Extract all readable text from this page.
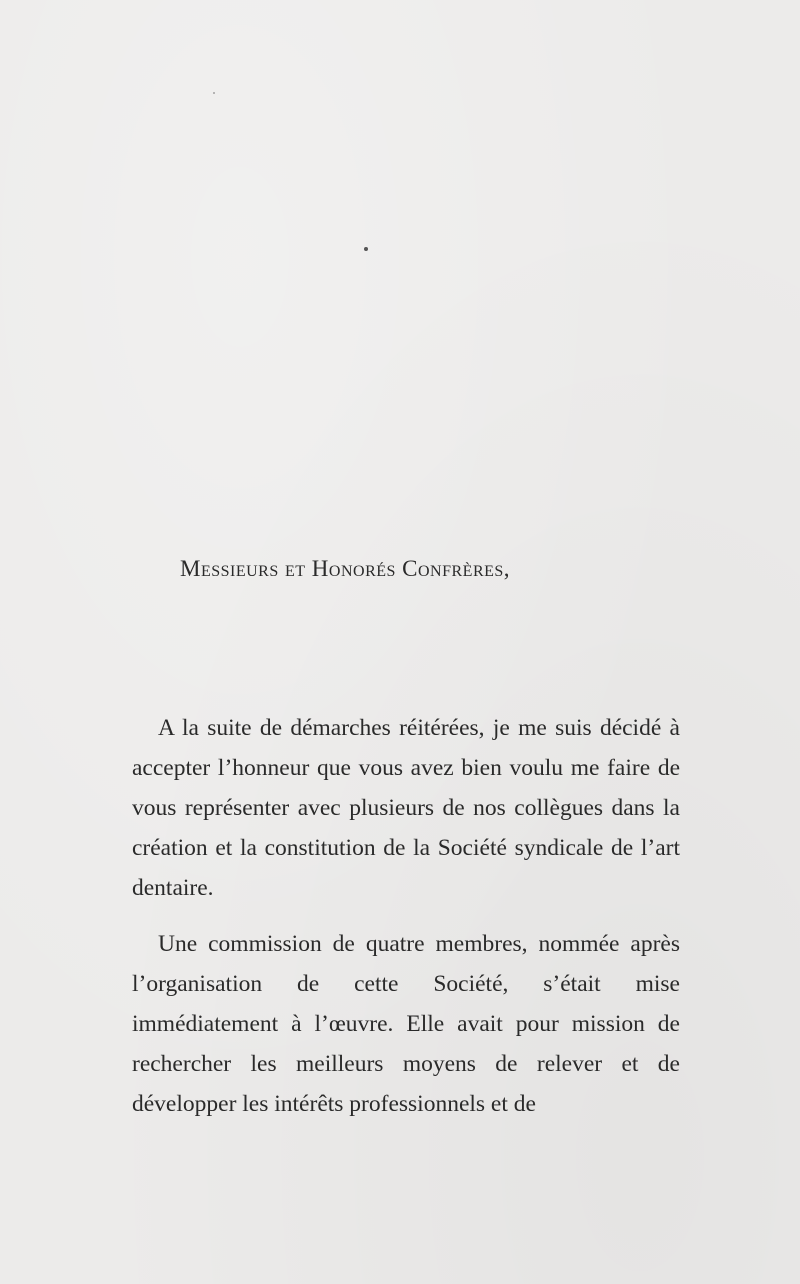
Messieurs et Honorés Confrères,

A la suite de démarches réitérées, je me suis décidé à accepter l’honneur que vous avez bien voulu me faire de vous représenter avec plusieurs de nos collègues dans la création et la constitution de la Société syndicale de l’art dentaire.

Une commission de quatre membres, nommée après l’organisation de cette Société, s’était mise immédiatement à l’œuvre. Elle avait pour mission de rechercher les meilleurs moyens de relever et de développer les intérêts professionnels et de
